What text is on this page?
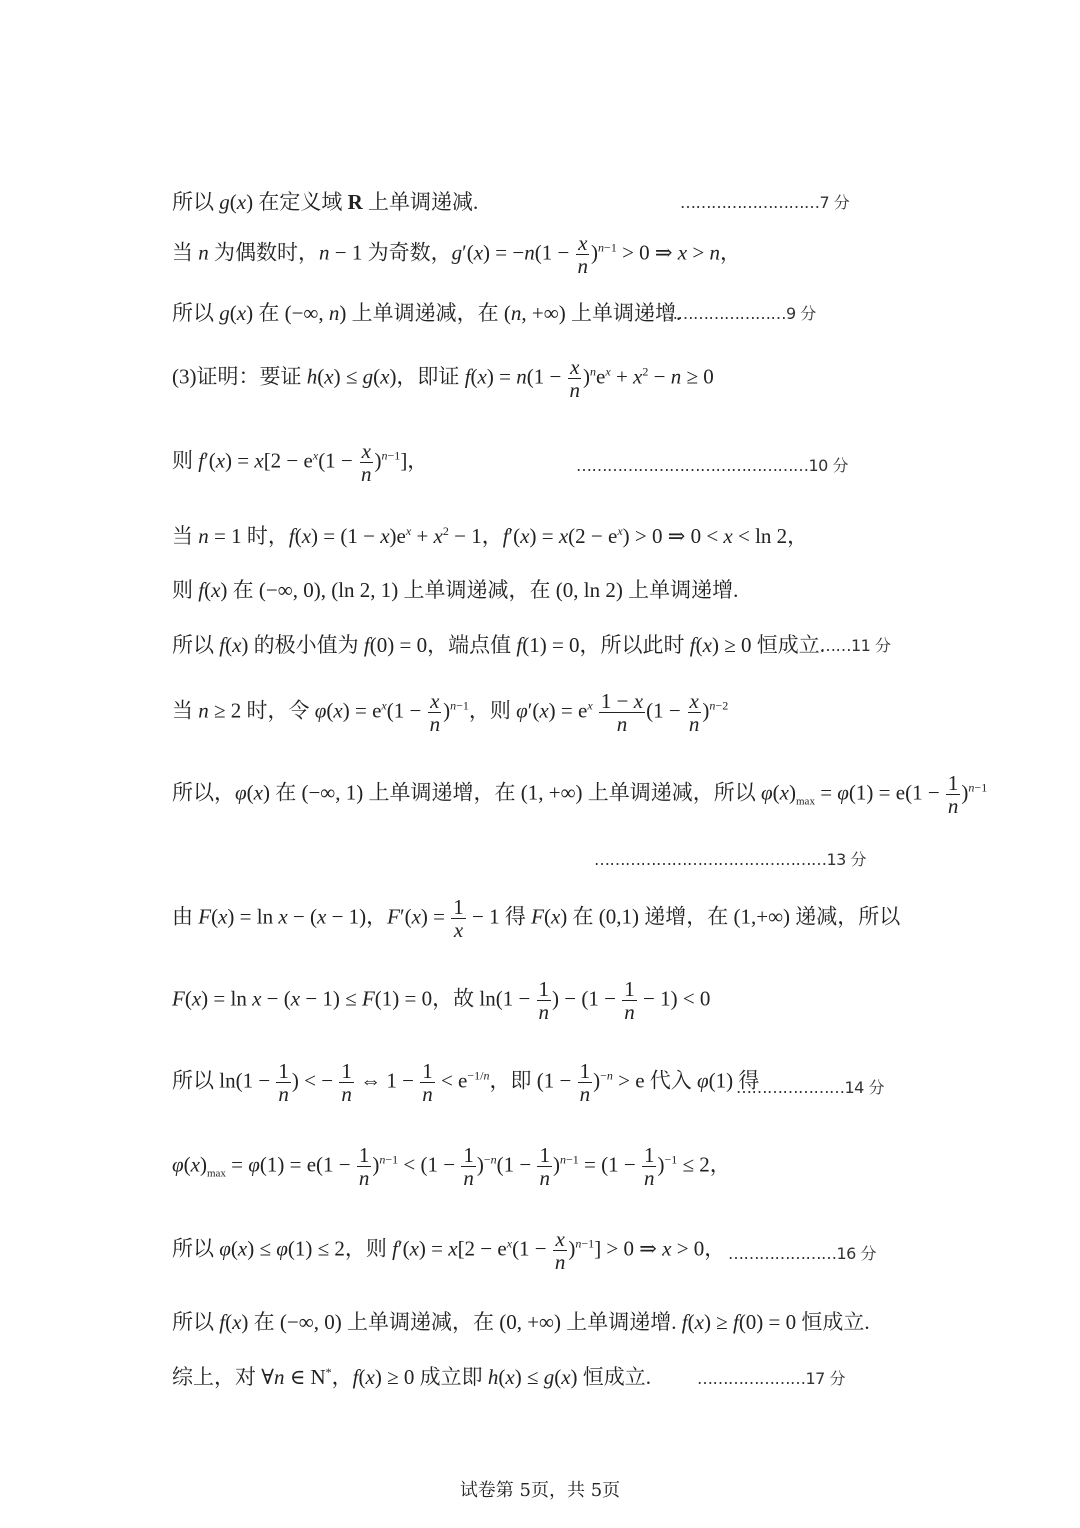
所以 g(x) 在定义域 R 上单调递减.	………………………7 分
当 n 为偶数时，n − 1 为奇数，$g'(x) = -n(1 - \frac{x}{n} )^{n-1} > 0$ ⇒ x > n，
所以 g(x) 在 (−∞, n) 上单调递减，在 (n, +∞) 上单调递增.
……………………9 分
(3)证明：要证 h(x) ≤ g(x)，即证 $f(x) = n(1 - \frac{x}{n} )^ne^x + x^2 - n \ge 0$
则 $f'(x) = x[2 - e^x(1 - \frac{x}{n} )^{n-1}]$，	………………………………………10 分
当 n = 1 时，$f(x) = (1 - x)e^x + x^2 - 1$，$f'(x) = x(2 - e^x) > 0$ ⇒ 0 < x < ln 2，
则 f(x) 在 (−∞, 0), (ln 2, 1) 上单调递减，在 (0, ln 2) 上单调递增.
所以 f(x) 的极小值为 f(0) = 0，端点值 f(1) = 0，所以此时 f(x) ≥ 0 恒成立.
……11 分
当 n ≥ 2 时，令 $\varphi(x) = e^x(1 - \frac{x}{n} )^{n-1}$，则 $\varphi'(x) = e^x \frac{1 - x}{n} (1 - \frac{x}{n} )^{n-2}$
所以，φ(x) 在 (−∞, 1) 上单调递增，在 (1, +∞) 上单调递减，所以 $\varphi(x)_{max} = \varphi(1) = e(1 - \frac{1}{n} )^{n-1}$
………………………………………13 分
由 F(x) = ln x − (x − 1)，$F'(x) = \frac{1}{x} - 1$ 得 F(x) 在 (0,1) 递增，在 (1,+∞) 递减，所以
F(x) = ln x − (x − 1) ≤ F(1) = 0，故 $\ln(1 - \frac{1}{n}$ ) − $(1 - \frac{1}{n} - 1) < 0$
所以 $\ln(1 - \frac{1}{n}$ ) < − $\frac{1}{n}$ ⇔ $1 - \frac{1}{n} < e^{-1/n}$，即 $(1 - \frac{1}{n} )^{-n} > e$ 代入 φ(1) 得
…………………14 分
$\varphi(x)_{max} = \varphi(1) = e(1 - \frac{1}{n} )^{n-1} < (1 - \frac{1}{n} )^{-n}(1 - \frac{1}{n} )^{n-1} = (1 - \frac{1}{n} )^{-1} \le 2$，
所以 φ(x) ≤ φ(1) ≤ 2，则 $f'(x) = x[2 - e^x(1 - \frac{x}{n} )^{n-1}] > 0$ ⇒ x > 0， …………………16 分
所以 f(x) 在 (−∞, 0) 上单调递减，在 (0, +∞) 上单调递增. f(x) ≥ f(0) = 0 恒成立.
综上，对 ∀n ∈ N*，f(x) ≥ 0 成立即 h(x) ≤ g(x) 恒成立.	…………………17 分
试卷第 5页，共 5页
